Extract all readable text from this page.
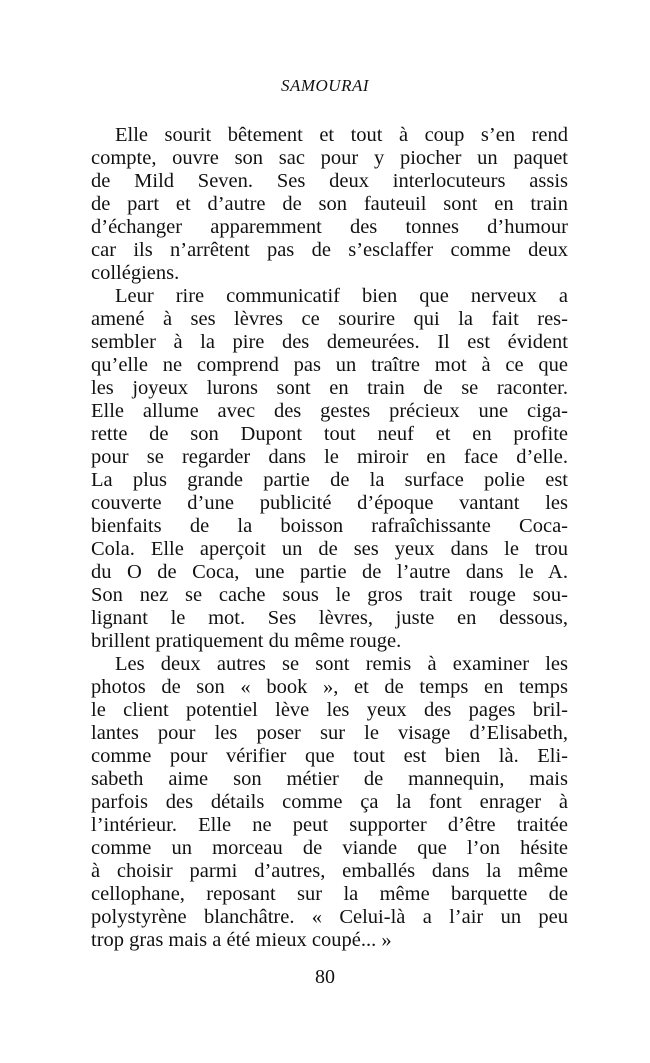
SAMOURAI
Elle sourit bêtement et tout à coup s’en rend
compte, ouvre son sac pour y piocher un paquet
de Mild Seven. Ses deux interlocuteurs assis
de part et d’autre de son fauteuil sont en train
d’échanger apparemment des tonnes d’humour
car ils n’arrêtent pas de s’esclaffer comme deux
collégiens.
Leur rire communicatif bien que nerveux a
amené à ses lèvres ce sourire qui la fait res-
sembler à la pire des demeurées. Il est évident
qu’elle ne comprend pas un traître mot à ce que
les joyeux lurons sont en train de se raconter.
Elle allume avec des gestes précieux une ciga-
rette de son Dupont tout neuf et en profite
pour se regarder dans le miroir en face d’elle.
La plus grande partie de la surface polie est
couverte d’une publicité d’époque vantant les
bienfaits de la boisson rafraîchissante Coca-
Cola. Elle aperçoit un de ses yeux dans le trou
du O de Coca, une partie de l’autre dans le A.
Son nez se cache sous le gros trait rouge sou-
lignant le mot. Ses lèvres, juste en dessous,
brillent pratiquement du même rouge.
Les deux autres se sont remis à examiner les
photos de son « book », et de temps en temps
le client potentiel lève les yeux des pages bril-
lantes pour les poser sur le visage d’Elisabeth,
comme pour vérifier que tout est bien là. Eli-
sabeth aime son métier de mannequin, mais
parfois des détails comme ça la font enrager à
l’intérieur. Elle ne peut supporter d’être traitée
comme un morceau de viande que l’on hésite
à choisir parmi d’autres, emballés dans la même
cellophane, reposant sur la même barquette de
polystyrène blanchâtre. « Celui-là a l’air un peu
trop gras mais a été mieux coupé... »
80
